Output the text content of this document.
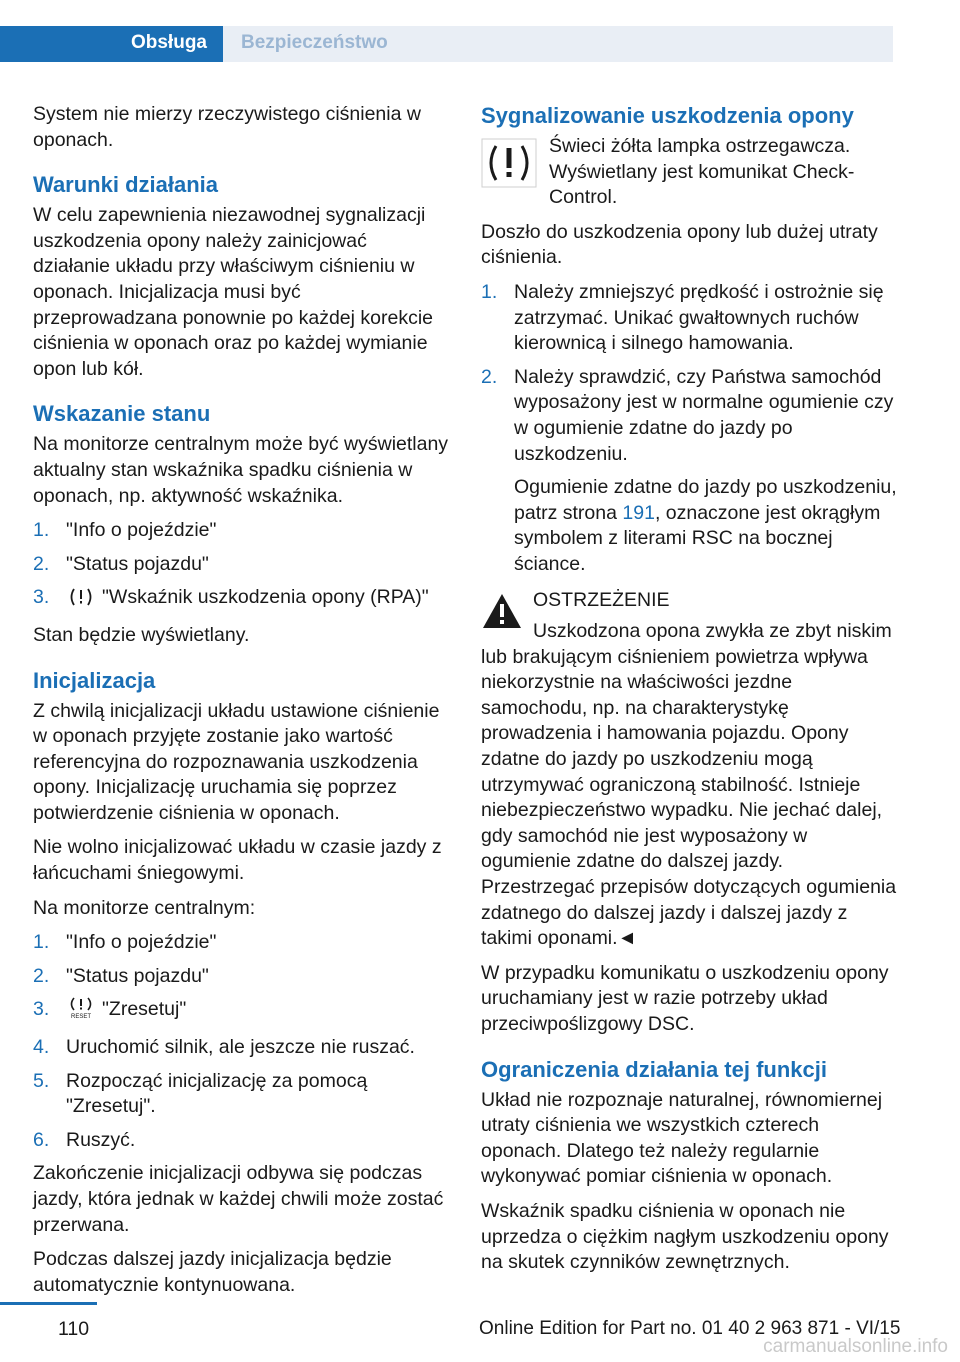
Obsługa	Bezpieczeństwo

System nie mierzy rzeczywistego ciśnienia w oponach.

Warunki działania

W celu zapewnienia niezawodnej sygnalizacji uszkodzenia opony należy zainicjować działanie układu przy właściwym ciśnieniu w oponach. Inicjalizacja musi być przeprowadzana ponownie po każdej korekcie ciśnienia w oponach oraz po każdej wymianie opon lub kół.

Wskazanie stanu

Na monitorze centralnym może być wyświetlany aktualny stan wskaźnika spadku ciśnienia w oponach, np. aktywność wskaźnika.

1. "Info o pojeździe"
2. "Status pojazdu"
3.	"Wskaźnik uszkodzenia opony (RPA)"

Stan będzie wyświetlany.

Inicjalizacja

Z chwilą inicjalizacji układu ustawione ciśnienie w oponach przyjęte zostanie jako wartość referencyjna do rozpoznawania uszkodzenia opony. Inicjalizację uruchamia się poprzez potwierdzenie ciśnienia w oponach.

Nie wolno inicjalizować układu w czasie jazdy z łańcuchami śniegowymi.

Na monitorze centralnym:

1. "Info o pojeździe"
2. "Status pojazdu"
3.	RESET "Zresetuj"
4. Uruchomić silnik, ale jeszcze nie ruszać.
5. Rozpocząć inicjalizację za pomocą "Zresetuj".
6. Ruszyć.

Zakończenie inicjalizacji odbywa się podczas jazdy, która jednak w każdej chwili może zostać przerwana.

Podczas dalszej jazdy inicjalizacja będzie automatycznie kontynuowana.

Sygnalizowanie uszkodzenia opony
Świeci żółta lampka ostrzegawcza. Wyświetlany jest komunikat Check-Control.

Doszło do uszkodzenia opony lub dużej utraty ciśnienia.

1. Należy zmniejszyć prędkość i ostrożnie się zatrzymać. Unikać gwałtownych ruchów kierownicą i silnego hamowania.
2. Należy sprawdzić, czy Państwa samochód wyposażony jest w normalne ogumienie czy w ogumienie zdatne do jazdy po uszkodzeniu.

Ogumienie zdatne do jazdy po uszkodzeniu, patrz strona 191, oznaczone jest okrągłym symbolem z literami RSC na bocznej ściance.

OSTRZEŻENIE

Uszkodzona opona zwykła ze zbyt niskim lub brakującym ciśnieniem powietrza wpływa niekorzystnie na właściwości jezdne samochodu, np. na charakterystykę prowadzenia i hamowania pojazdu. Opony zdatne do jazdy po uszkodzeniu mogą utrzymywać ograniczoną stabilność. Istnieje niebezpieczeństwo wypadku. Nie jechać dalej, gdy samochód nie jest wyposażony w ogumienie zdatne do dalszej jazdy. Przestrzegać przepisów dotyczących ogumienia zdatnego do dalszej jazdy i dalszej jazdy z takimi oponami.◄

W przypadku komunikatu o uszkodzeniu opony uruchamiany jest w razie potrzeby układ przeciwpoślizgowy DSC.

Ograniczenia działania tej funkcji

Układ nie rozpoznaje naturalnej, równomiernej utraty ciśnienia we wszystkich czterech oponach. Dlatego też należy regularnie wykonywać pomiar ciśnienia w oponach.

Wskaźnik spadku ciśnienia w oponach nie uprzedza o ciężkim nagłym uszkodzeniu opony na skutek czynników zewnętrznych.

110	Online Edition for Part no. 01 40 2 963 871 - VI/15
carmanualsonline.info
